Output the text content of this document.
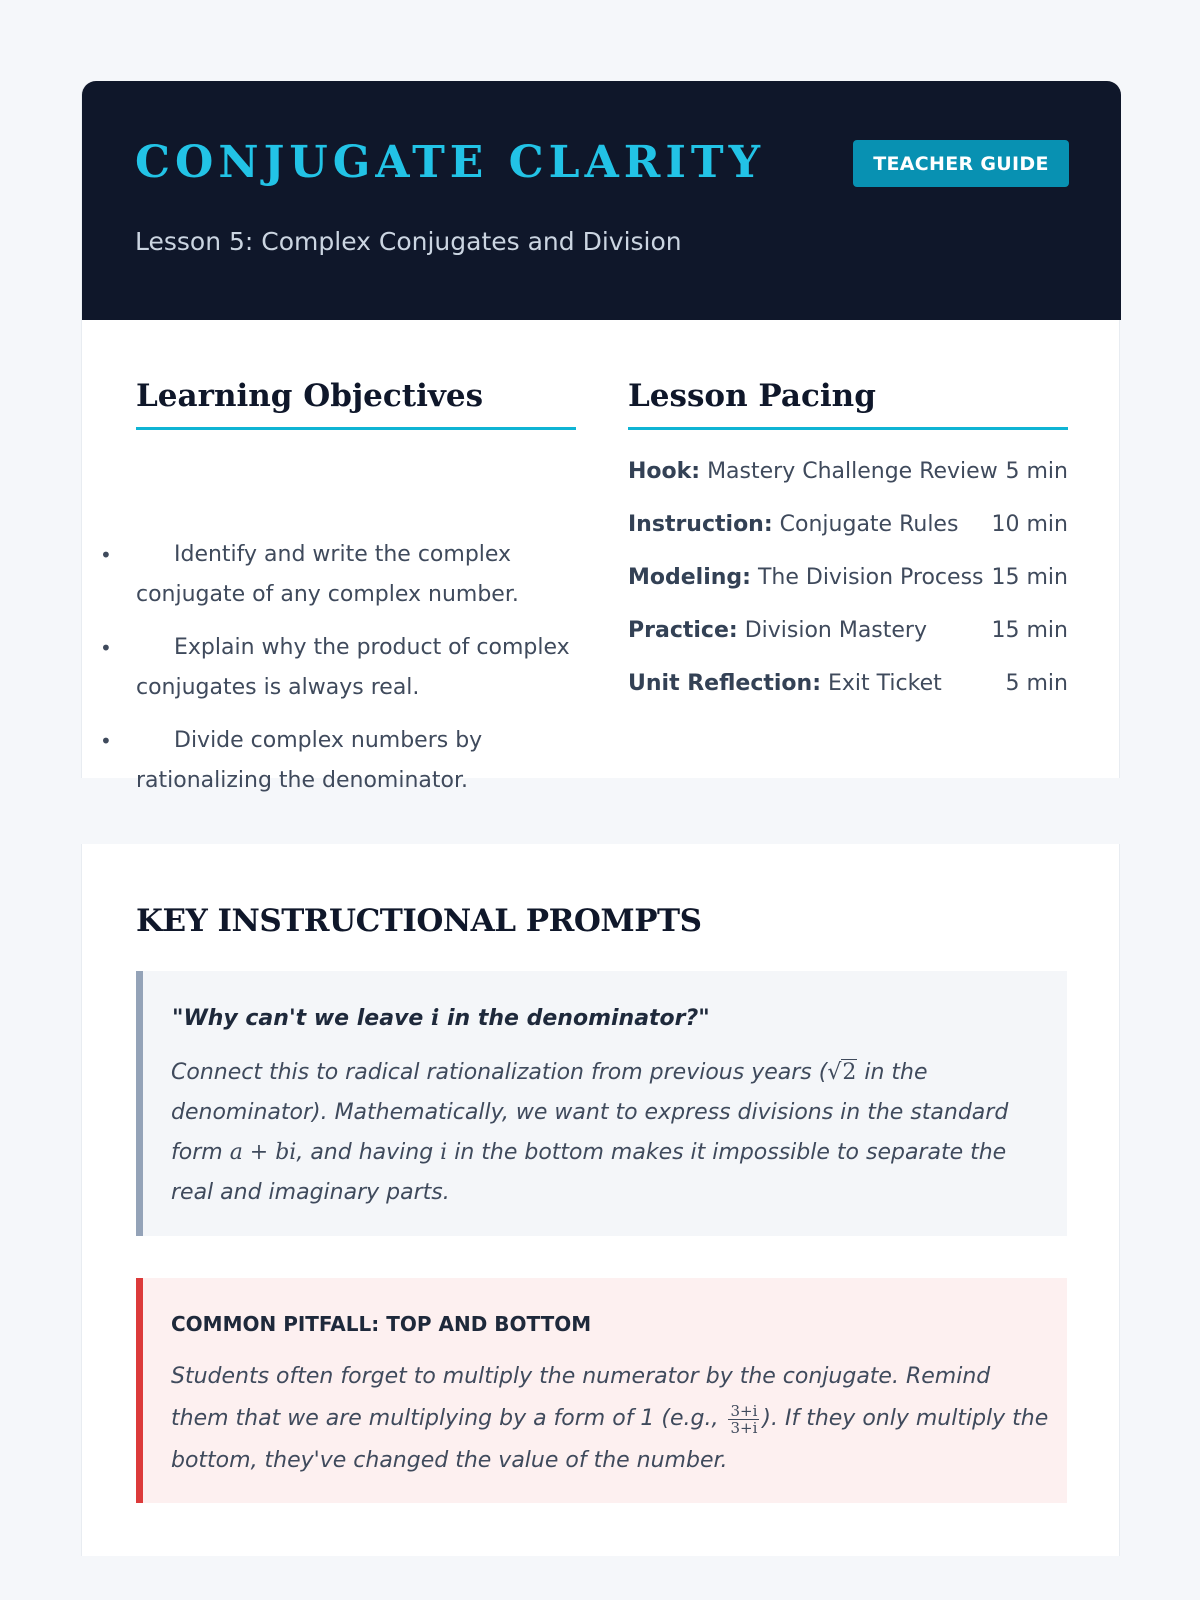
CONJUGATE CLARITY	TEACHER GUIDE
Lesson 5: Complex Conjugates and Division
Learning Objectives
•	Identify and write the complex conjugate of any complex number.
•	Explain why the product of complex conjugates is always real.
•	Divide complex numbers by rationalizing the denominator.
Lesson Pacing
Hook: Mastery Challenge Review 5 min
Instruction: Conjugate Rules 10 min
Modeling: The Division Process 15 min
Practice: Division Mastery	15 min
Unit Reflection: Exit Ticket	5 min
KEY INSTRUCTIONAL PROMPTS
"Why can't we leave i in the denominator?"
Connect this to radical rationalization from previous years (√2 in the denominator). Mathematically, we want to express divisions in the standard form a + bi, and having i in the bottom makes it impossible to separate the real and imaginary parts.
COMMON PITFALL: TOP AND BOTTOM
Students often forget to multiply the numerator by the conjugate. Remind them that we are multiplying by a form of 1 (e.g., $\frac{3+i}{3+i}$ ). If they only multiply the bottom, they've changed the value of the number.
